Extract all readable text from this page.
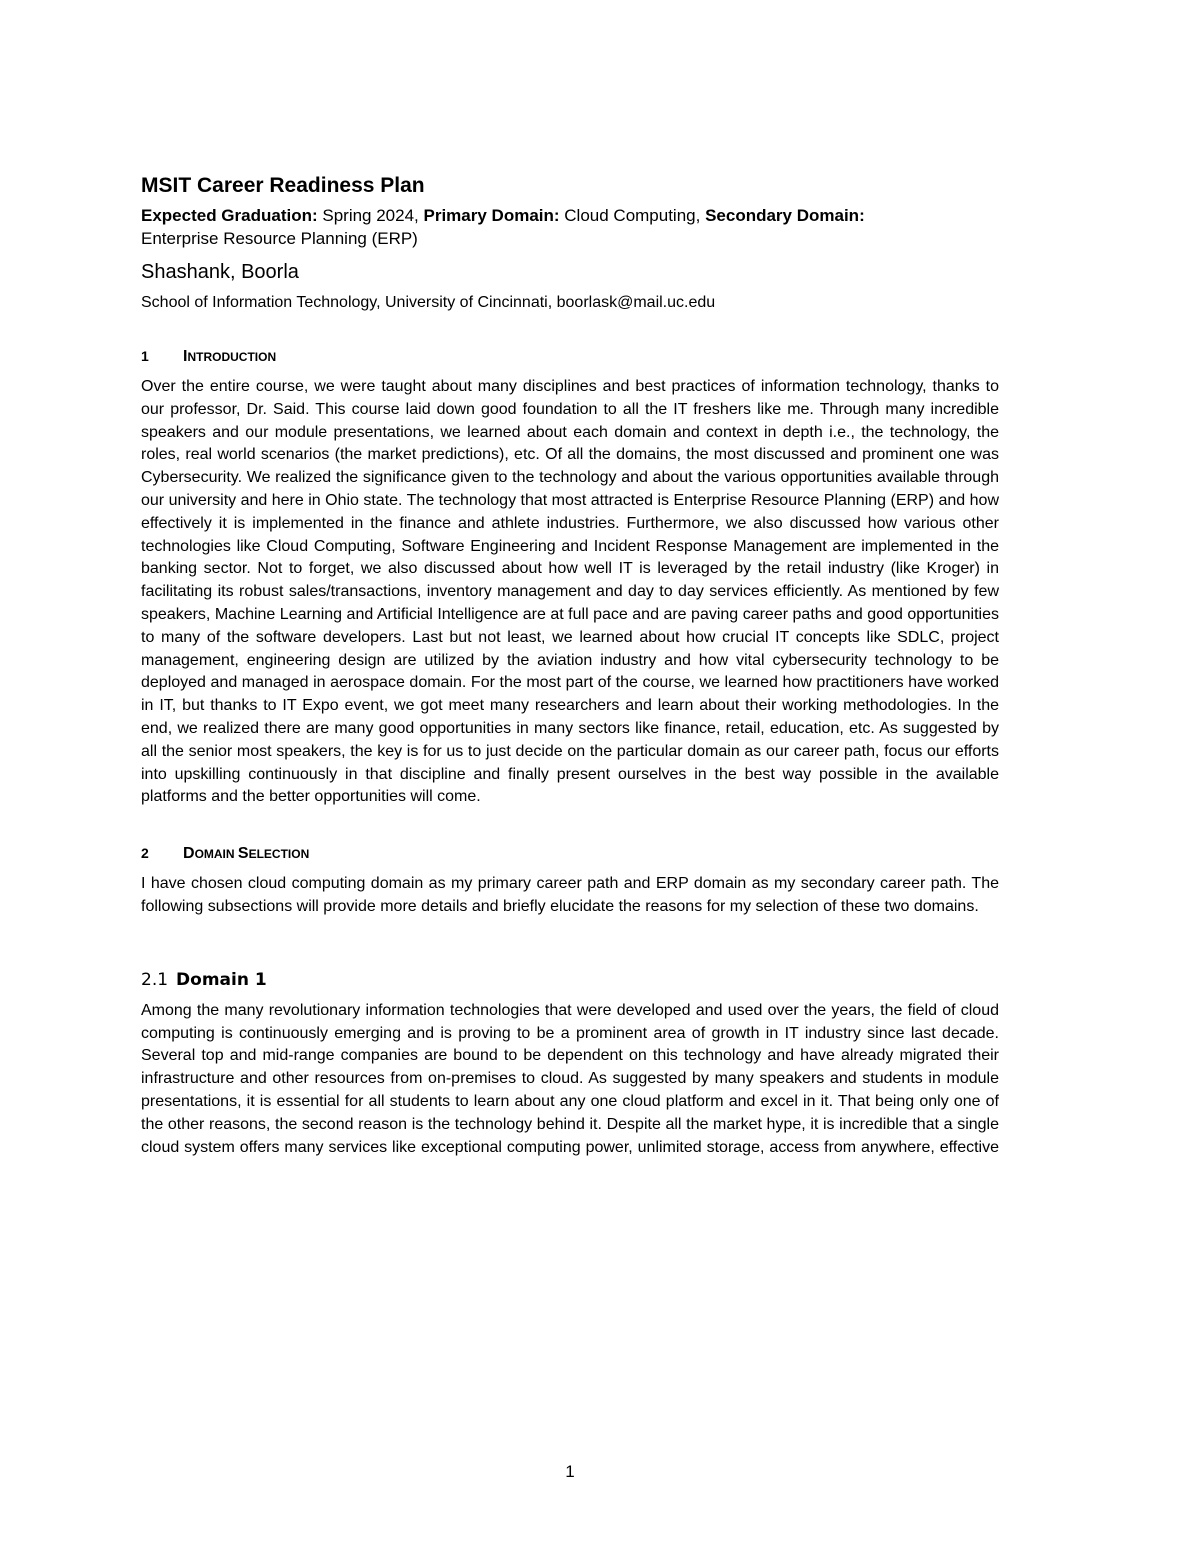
MSIT Career Readiness Plan

Expected Graduation: Spring 2024, Primary Domain: Cloud Computing, Secondary Domain:
Enterprise Resource Planning (ERP)

Shashank, Boorla

School of Information Technology, University of Cincinnati, boorlask@mail.uc.edu

1	INTRODUCTION

Over the entire course, we were taught about many disciplines and best practices of information technology, thanks to our professor, Dr. Said. This course laid down good foundation to all the IT freshers like me. Through many incredible speakers and our module presentations, we learned about each domain and context in depth i.e., the technology, the roles, real world scenarios (the market predictions), etc. Of all the domains, the most discussed and prominent one was Cybersecurity. We realized the significance given to the technology and about the various opportunities available through our university and here in Ohio state. The technology that most attracted is Enterprise Resource Planning (ERP) and how effectively it is implemented in the finance and athlete industries. Furthermore, we also discussed how various other technologies like Cloud Computing, Software Engineering and Incident Response Management are implemented in the banking sector. Not to forget, we also discussed about how well IT is leveraged by the retail industry (like Kroger) in facilitating its robust sales/transactions, inventory management and day to day services efficiently. As mentioned by few speakers, Machine Learning and Artificial Intelligence are at full pace and are paving career paths and good opportunities to many of the software developers. Last but not least, we learned about how crucial IT concepts like SDLC, project management, engineering design are utilized by the aviation industry and how vital cybersecurity technology to be deployed and managed in aerospace domain. For the most part of the course, we learned how practitioners have worked in IT, but thanks to IT Expo event, we got meet many researchers and learn about their working methodologies. In the end, we realized there are many good opportunities in many sectors like finance, retail, education, etc. As suggested by all the senior most speakers, the key is for us to just decide on the particular domain as our career path, focus our efforts into upskilling continuously in that discipline and finally present ourselves in the best way possible in the available platforms and the better opportunities will come.

2	DOMAIN SELECTION

I have chosen cloud computing domain as my primary career path and ERP domain as my secondary career path. The following subsections will provide more details and briefly elucidate the reasons for my selection of these two domains.

2.1 Domain 1

Among the many revolutionary information technologies that were developed and used over the years, the field of cloud computing is continuously emerging and is proving to be a prominent area of growth in IT industry since last decade. Several top and mid-range companies are bound to be dependent on this technology and have already migrated their infrastructure and other resources from on-premises to cloud. As suggested by many speakers and students in module presentations, it is essential for all students to learn about any one cloud platform and excel in it. That being only one of the other reasons, the second reason is the technology behind it. Despite all the market hype, it is incredible that a single cloud system offers many services like exceptional computing power, unlimited storage, access from anywhere, effective

1
